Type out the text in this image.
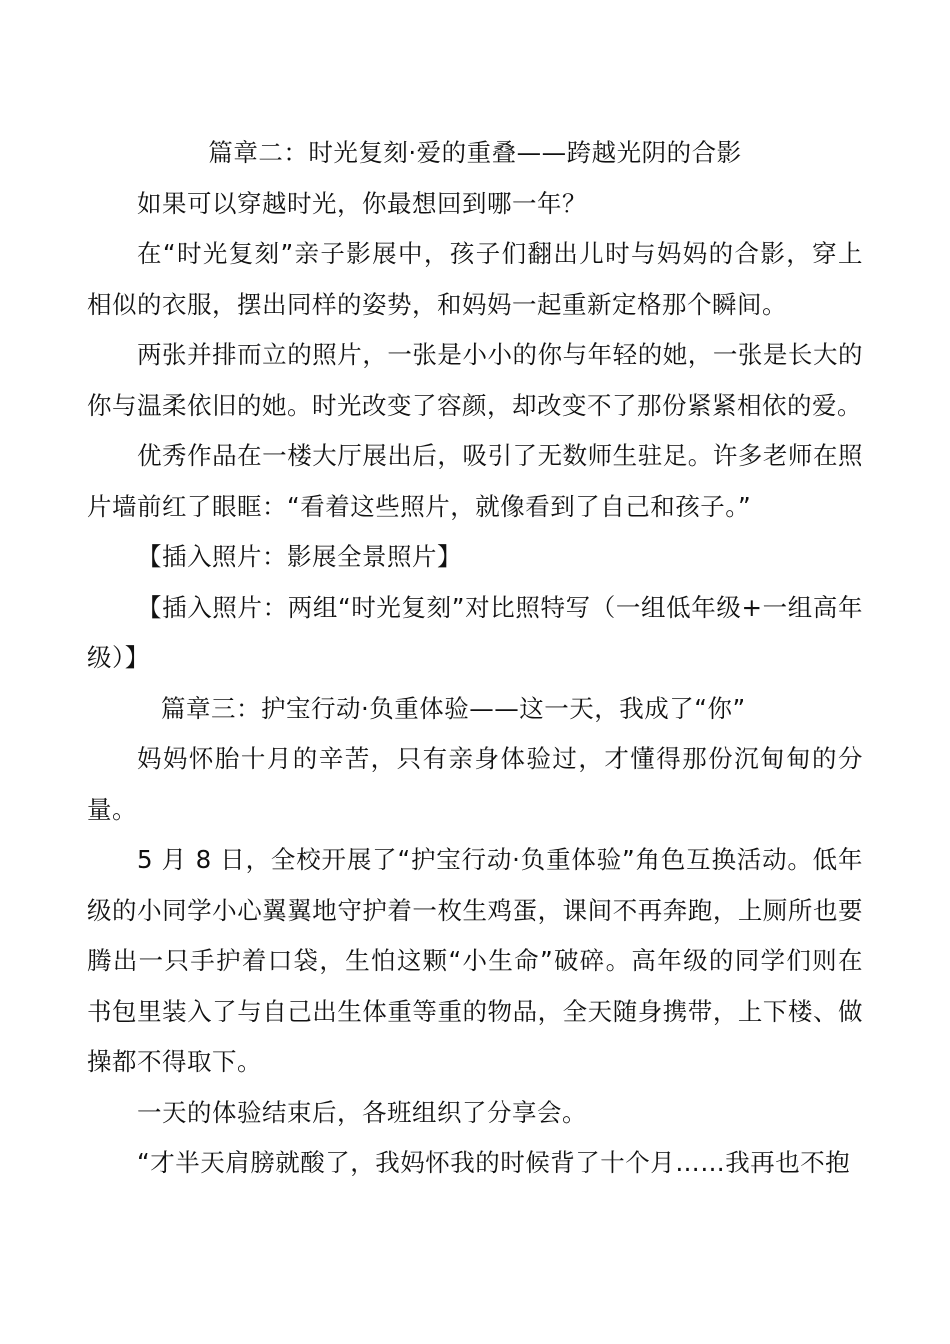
篇章二：时光复刻·爱的重叠——跨越光阴的合影

如果可以穿越时光，你最想回到哪一年？

在“时光复刻”亲子影展中，孩子们翻出儿时与妈妈的合影，穿上相似的衣服，摆出同样的姿势，和妈妈一起重新定格那个瞬间。

两张并排而立的照片，一张是小小的你与年轻的她，一张是长大的你与温柔依旧的她。时光改变了容颜，却改变不了那份紧紧相依的爱。

优秀作品在一楼大厅展出后，吸引了无数师生驻足。许多老师在照片墙前红了眼眶：“看着这些照片，就像看到了自己和孩子。”

【插入照片：影展全景照片】

【插入照片：两组“时光复刻”对比照特写（一组低年级+一组高年级）】

篇章三：护宝行动·负重体验——这一天，我成了“你”

妈妈怀胎十月的辛苦，只有亲身体验过，才懂得那份沉甸甸的分量。

5 月 8 日，全校开展了“护宝行动·负重体验”角色互换活动。低年级的小同学小心翼翼地守护着一枚生鸡蛋，课间不再奔跑，上厕所也要腾出一只手护着口袋，生怕这颗“小生命”破碎。高年级的同学们则在书包里装入了与自己出生体重等重的物品，全天随身携带，上下楼、做操都不得取下。

一天的体验结束后，各班组织了分享会。

“才半天肩膀就酸了，我妈怀我的时候背了十个月……我再也不抱
